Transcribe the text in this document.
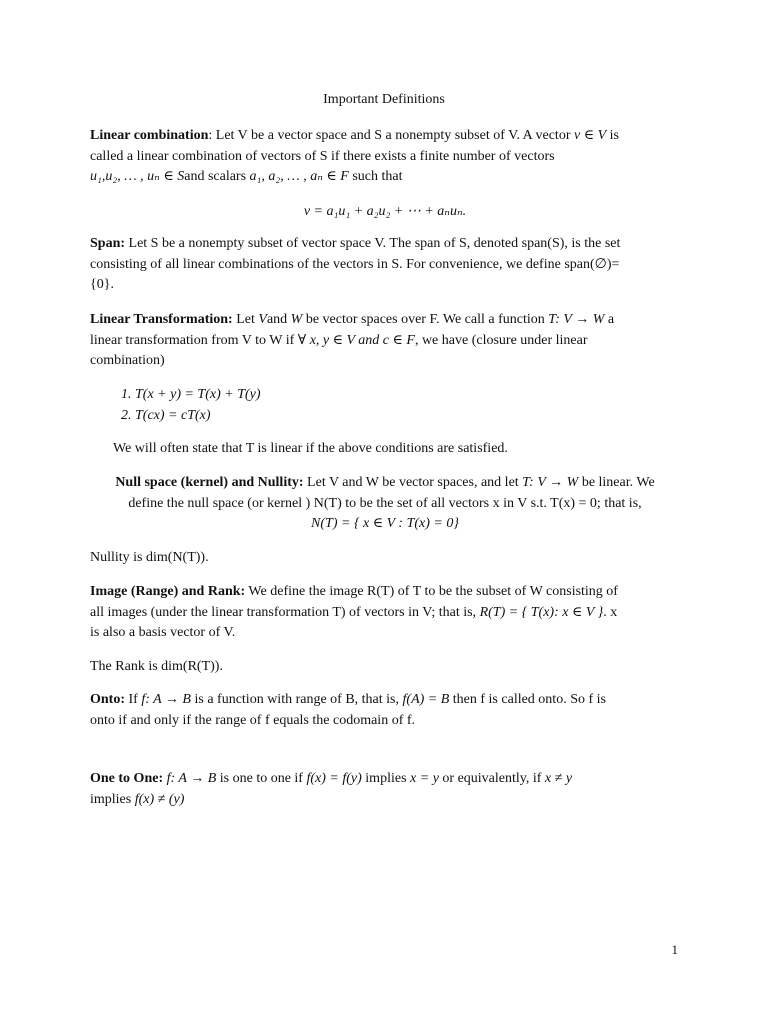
Important Definitions
Linear combination: Let V be a vector space and S a nonempty subset of V. A vector v ∈ V is
called a linear combination of vectors of S if there exists a finite number of vectors
u₁,u₂, … , uₙ ∈ Sand scalars a₁, a₂, … , aₙ ∈ F such that
v = a₁u₁ + a₂u₂ + ⋯ + aₙuₙ.
Span: Let S be a nonempty subset of vector space V. The span of S, denoted span(S), is the set
consisting of all linear combinations of the vectors in S. For convenience, we define span(∅)=
{0}.
Linear Transformation: Let Vand W be vector spaces over F. We call a function T: V → W a
linear transformation from V to W if ∀ x, y ∈ V and c ∈ F, we have (closure under linear
combination)
1. T(x + y) = T(x) + T(y)
2. T(cx) = cT(x)
We will often state that T is linear if the above conditions are satisfied.
Null space (kernel) and Nullity: Let V and W be vector spaces, and let T: V → W be linear. We
define the null space (or kernel ) N(T) to be the set of all vectors x in V s.t. T(x) = 0; that is,
N(T) = { x ∈ V : T(x) = 0}
Nullity is dim(N(T)).
Image (Range) and Rank: We define the image R(T) of T to be the subset of W consisting of
all images (under the linear transformation T) of vectors in V; that is, R(T) = { T(x): x ∈ V }. x
is also a basis vector of V.
The Rank is dim(R(T)).
Onto: If f: A → B is a function with range of B, that is, f(A) = B then f is called onto. So f is
onto if and only if the range of f equals the codomain of f.
One to One: f: A → B is one to one if f(x) = f(y) implies x = y or equivalently, if x ≠ y
implies f(x) ≠ (y)
1
